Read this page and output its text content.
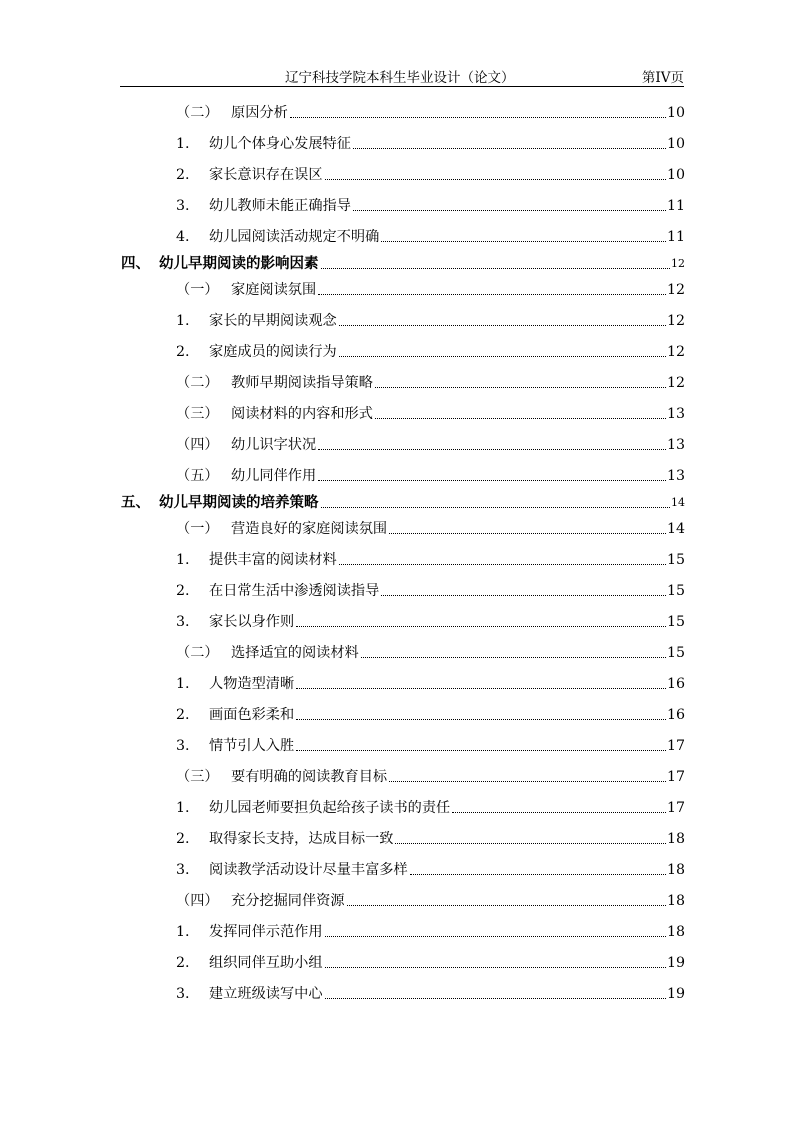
辽宁科技学院本科生毕业设计（论文）	第IV页
（二） 原因分析	10
1.	幼儿个体身心发展特征	10
2.	家长意识存在误区	10
3.	幼儿教师未能正确指导	11
4.	幼儿园阅读活动规定不明确	11
四、 幼儿早期阅读的影响因素	12
（一） 家庭阅读氛围	12
1.	家长的早期阅读观念	12
2.	家庭成员的阅读行为	12
（二） 教师早期阅读指导策略	12
（三） 阅读材料的内容和形式	13
（四） 幼儿识字状况	13
（五） 幼儿同伴作用	13
五、 幼儿早期阅读的培养策略	14
（一） 营造良好的家庭阅读氛围	14
1.	提供丰富的阅读材料	15
2.	在日常生活中渗透阅读指导	15
3.	家长以身作则	15
（二） 选择适宜的阅读材料	15
1.	人物造型清晰	16
2.	画面色彩柔和	16
3.	情节引人入胜	17
（三） 要有明确的阅读教育目标	17
1.	幼儿园老师要担负起给孩子读书的责任	17
2.	取得家长支持，达成目标一致	18
3.	阅读教学活动设计尽量丰富多样	18
（四） 充分挖掘同伴资源	18
1.	发挥同伴示范作用	18
2.	组织同伴互助小组	19
3.	建立班级读写中心	19
